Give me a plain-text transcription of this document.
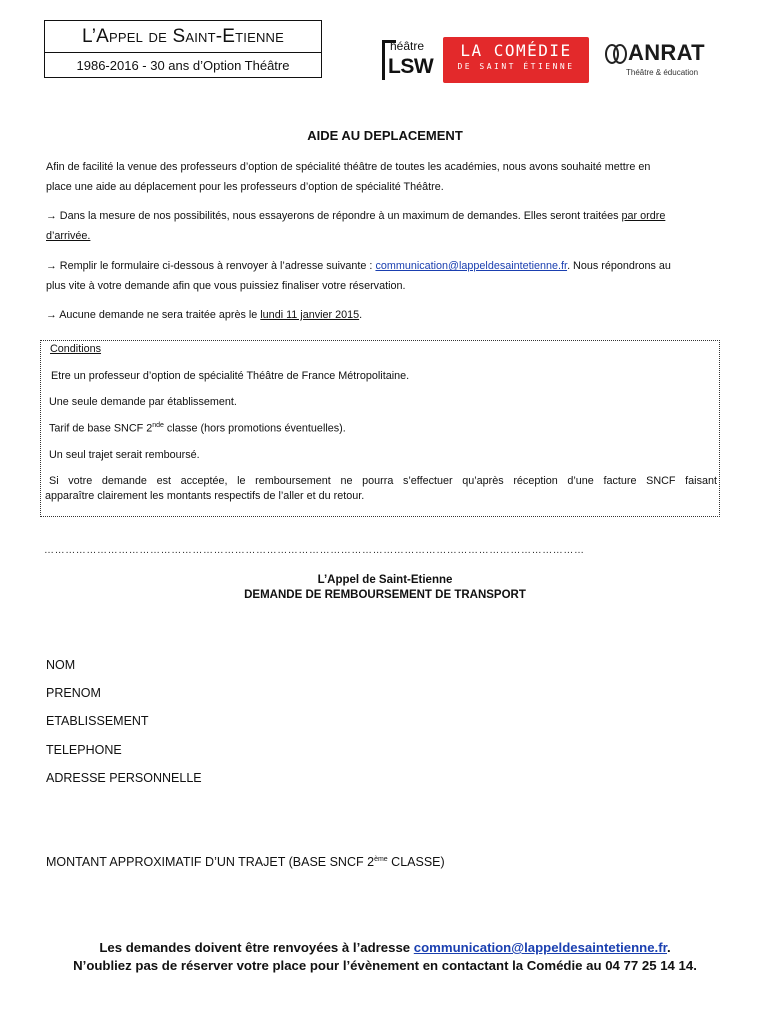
L’Appel de Saint-Etienne
1986-2016 - 30 ans d’Option Théâtre
héâtre
LSW
LA COMÉDIE
DE SAINT ÉTIENNE
ANRAT
Théâtre & éducation
AIDE AU DEPLACEMENT
Afin de facilité la venue des professeurs d’option de spécialité théâtre de toutes les académies, nous avons souhaité mettre en
place une aide au déplacement pour les professeurs d’option de spécialité Théâtre.
→ Dans la mesure de nos possibilités, nous essayerons de répondre à un maximum de demandes. Elles seront traitées par ordre
d’arrivée.
→ Remplir le formulaire ci-dessous à renvoyer à l’adresse suivante : communication@lappeldesaintetienne.fr. Nous répondrons au
plus vite à votre demande afin que vous puissiez finaliser votre réservation.
→ Aucune demande ne sera traitée après le lundi 11 janvier 2015.
Conditions
Etre un professeur d’option de spécialité Théâtre de France Métropolitaine.
Une seule demande par établissement.
Tarif de base SNCF 2nde classe (hors promotions éventuelles).
Un seul trajet serait remboursé.
Si votre demande est acceptée, le remboursement ne pourra s’effectuer qu’après réception d’une facture SNCF faisant
apparaître clairement les montants respectifs de l’aller et du retour.
………………………………………………………………………………………………………………………………………
L’Appel de Saint-Etienne
DEMANDE DE REMBOURSEMENT DE TRANSPORT
NOM
PRENOM
ETABLISSEMENT
TELEPHONE
ADRESSE PERSONNELLE
MONTANT APPROXIMATIF D’UN TRAJET (BASE SNCF 2ème CLASSE)
Les demandes doivent être renvoyées à l’adresse communication@lappeldesaintetienne.fr.
N’oubliez pas de réserver votre place pour l’évènement en contactant la Comédie au 04 77 25 14 14.
